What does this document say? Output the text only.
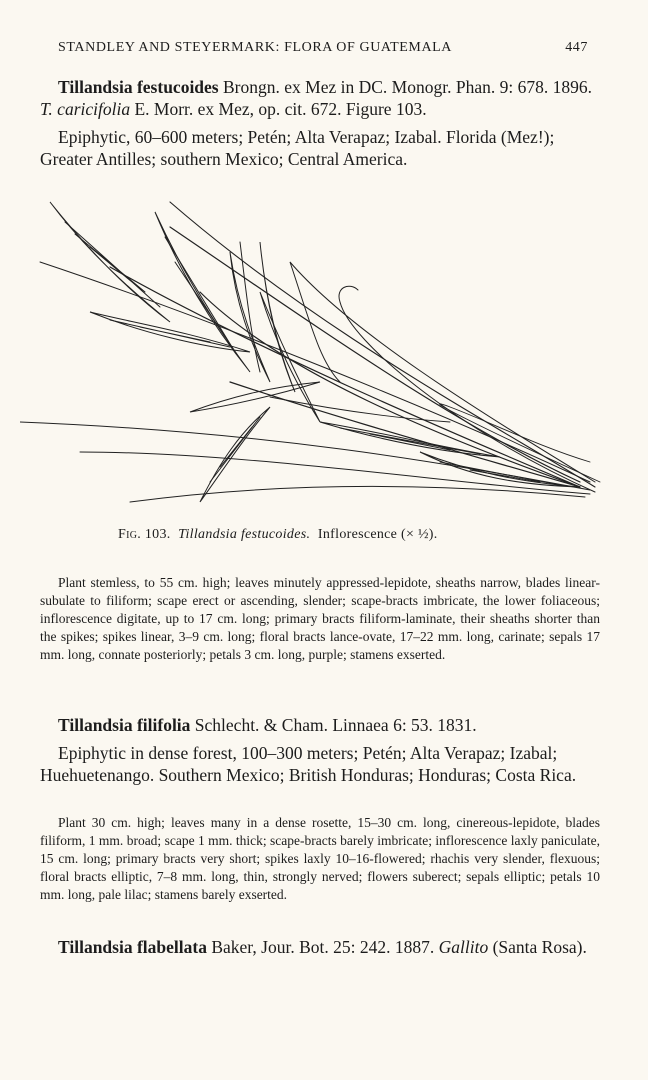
STANDLEY AND STEYERMARK: FLORA OF GUATEMALA	447

Tillandsia festucoides Brongn. ex Mez in DC. Monogr. Phan. 9: 678. 1896. T. caricifolia E. Morr. ex Mez, op. cit. 672. Figure 103.

Epiphytic, 60–600 meters; Petén; Alta Verapaz; Izabal. Florida (Mez!); Greater Antilles; southern Mexico; Central America.

Fig. 103. Tillandsia festucoides. Inflorescence (× ½).

Plant stemless, to 55 cm. high; leaves minutely appressed-lepidote, sheaths narrow, blades linear-subulate to filiform; scape erect or ascending, slender; scape-bracts imbricate, the lower foliaceous; inflorescence digitate, up to 17 cm. long; primary bracts filiform-laminate, their sheaths shorter than the spikes; spikes linear, 3–9 cm. long; floral bracts lance-ovate, 17–22 mm. long, carinate; sepals 17 mm. long, connate posteriorly; petals 3 cm. long, purple; stamens exserted.

Tillandsia filifolia Schlecht. & Cham. Linnaea 6: 53. 1831.

Epiphytic in dense forest, 100–300 meters; Petén; Alta Verapaz; Izabal; Huehuetenango. Southern Mexico; British Honduras; Honduras; Costa Rica.

Plant 30 cm. high; leaves many in a dense rosette, 15–30 cm. long, cinereous-lepidote, blades filiform, 1 mm. broad; scape 1 mm. thick; scape-bracts barely imbricate; inflorescence laxly paniculate, 15 cm. long; primary bracts very short; spikes laxly 10–16-flowered; rhachis very slender, flexuous; floral bracts elliptic, 7–8 mm. long, thin, strongly nerved; flowers suberect; sepals elliptic; petals 10 mm. long, pale lilac; stamens barely exserted.

Tillandsia flabellata Baker, Jour. Bot. 25: 242. 1887. Gallito (Santa Rosa).
